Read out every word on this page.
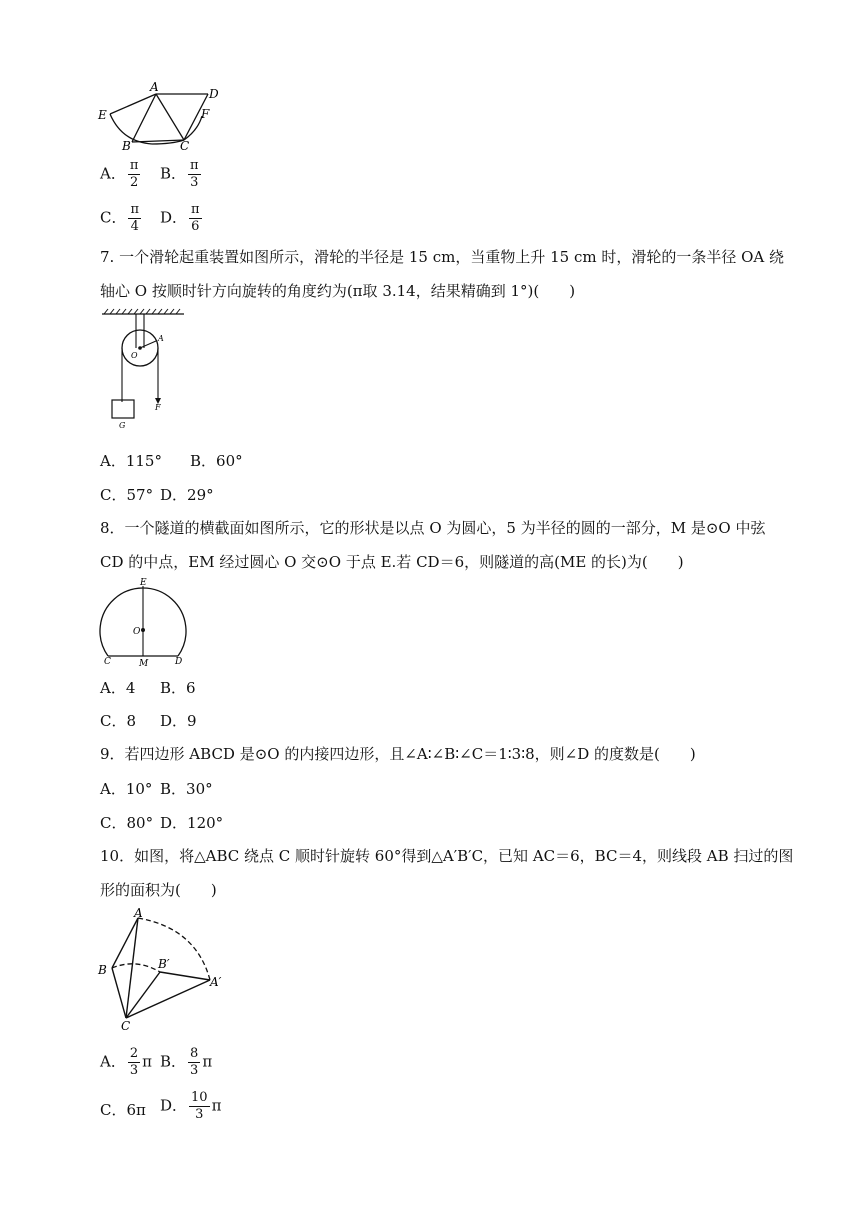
A	D
E	F
B	C
A． $\frac{\pi}{2}$ B． $\frac{\pi}{3}$
C． $\frac{\pi}{4}$ D． $\frac{\pi}{6}$
7. 一个滑轮起重装置如图所示，滑轮的半径是 15 cm，当重物上升 15 cm 时，滑轮的一条半径 OA 绕
轴心 O 按顺时针方向旋转的角度约为(π取 3.14，结果精确到 1°)(　　)
O
A
F
G
A．115° B．60°
C．57° D．29°
8．一个隧道的横截面如图所示，它的形状是以点 O 为圆心，5 为半径的圆的一部分，M 是⊙O 中弦
CD 的中点，EM 经过圆心 O 交⊙O 于点 E.若 CD＝6，则隧道的高(ME 的长)为(　　)
E
O
C	M	D
A．4 B．6
C．8 D．9
9．若四边形 ABCD 是⊙O 的内接四边形，且∠A∶∠B∶∠C＝1∶3∶8，则∠D 的度数是(　　)
A．10° B．30°
C．80° D．120°
10．如图，将△ABC 绕点 C 顺时针旋转 60°得到△A′B′C，已知 AC＝6，BC＝4，则线段 AB 扫过的图
形的面积为(　　)
A
B	B′
A′
C
A． $\frac{2}{3}$ π B． $\frac{8}{3}$ π
C．6π D． $\frac{10}{3}$ π
